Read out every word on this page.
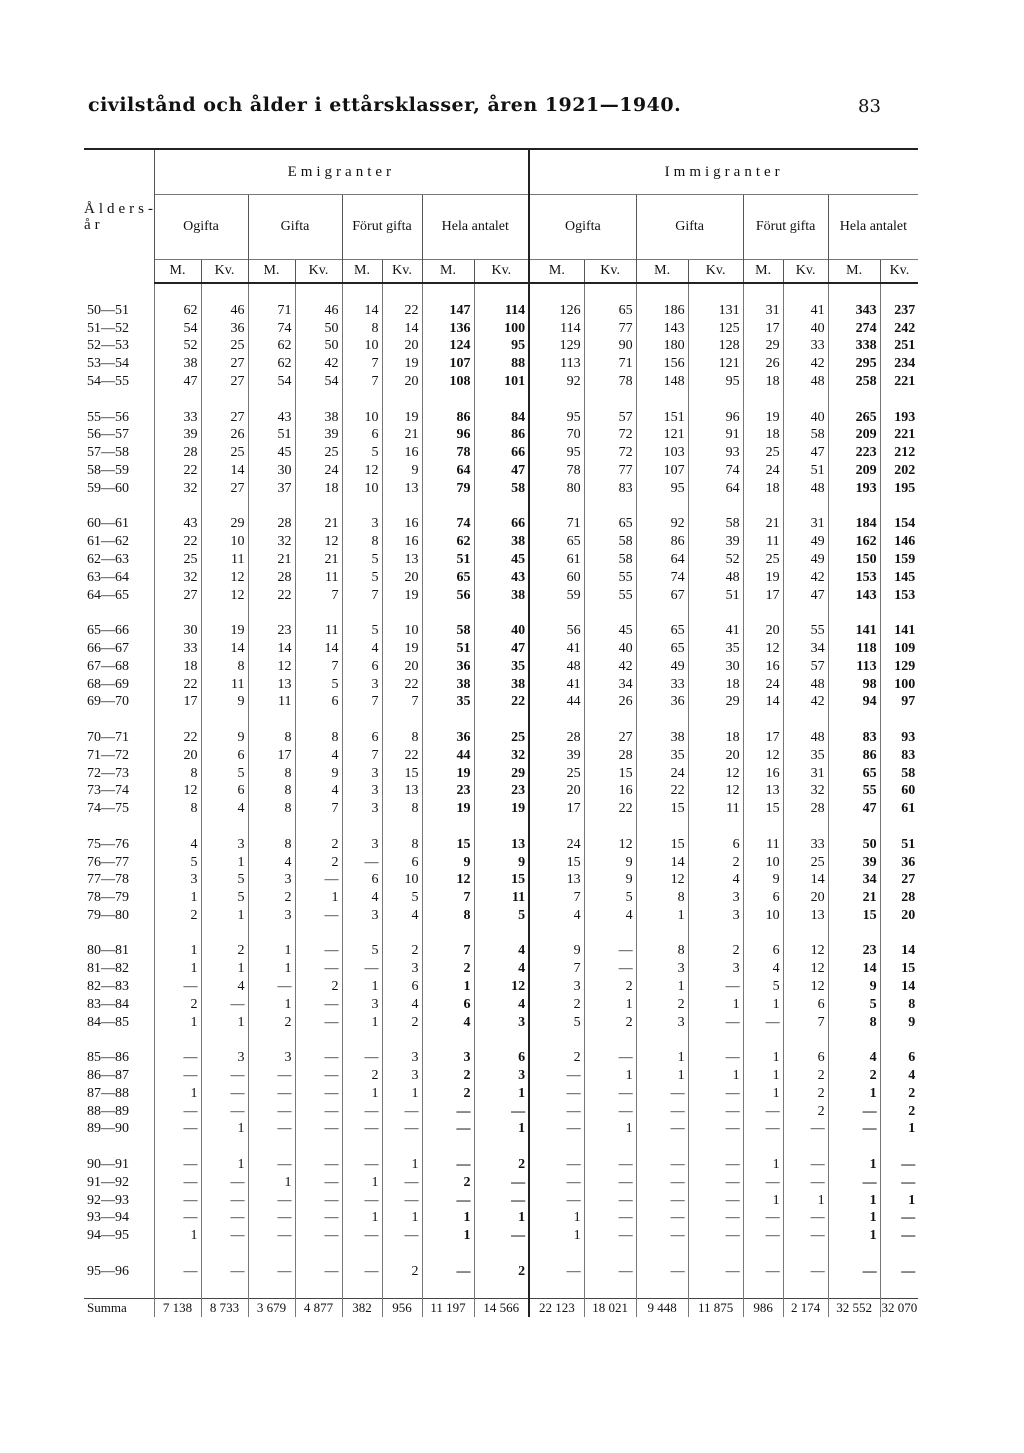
civilstånd och ålder i ettårsklasser, åren 1921—1940.	83
Ålders-
år	Emigranter								Immigranter							
	Ogifta		Gifta		Förut gifta		Hela antalet		Ogifta		Gifta		Förut gifta		Hela antalet	
	M.	Kv.	M.	Kv.	M.	Kv.	M.	Kv.	M.	Kv.	M.	Kv.	M.	Kv.	M.	Kv.

50—51	62	46	71	46	14	22	147	114	126	65	186	131	31	41	343	237
51—52	54	36	74	50	8	14	136	100	114	77	143	125	17	40	274	242
52—53	52	25	62	50	10	20	124	95	129	90	180	128	29	33	338	251
53—54	38	27	62	42	7	19	107	88	113	71	156	121	26	42	295	234
54—55	47	27	54	54	7	20	108	101	92	78	148	95	18	48	258	221

55—56	33	27	43	38	10	19	86	84	95	57	151	96	19	40	265	193
56—57	39	26	51	39	6	21	96	86	70	72	121	91	18	58	209	221
57—58	28	25	45	25	5	16	78	66	95	72	103	93	25	47	223	212
58—59	22	14	30	24	12	9	64	47	78	77	107	74	24	51	209	202
59—60	32	27	37	18	10	13	79	58	80	83	95	64	18	48	193	195

60—61	43	29	28	21	3	16	74	66	71	65	92	58	21	31	184	154
61—62	22	10	32	12	8	16	62	38	65	58	86	39	11	49	162	146
62—63	25	11	21	21	5	13	51	45	61	58	64	52	25	49	150	159
63—64	32	12	28	11	5	20	65	43	60	55	74	48	19	42	153	145
64—65	27	12	22	7	7	19	56	38	59	55	67	51	17	47	143	153

65—66	30	19	23	11	5	10	58	40	56	45	65	41	20	55	141	141
66—67	33	14	14	14	4	19	51	47	41	40	65	35	12	34	118	109
67—68	18	8	12	7	6	20	36	35	48	42	49	30	16	57	113	129
68—69	22	11	13	5	3	22	38	38	41	34	33	18	24	48	98	100
69—70	17	9	11	6	7	7	35	22	44	26	36	29	14	42	94	97

70—71	22	9	8	8	6	8	36	25	28	27	38	18	17	48	83	93
71—72	20	6	17	4	7	22	44	32	39	28	35	20	12	35	86	83
72—73	8	5	8	9	3	15	19	29	25	15	24	12	16	31	65	58
73—74	12	6	8	4	3	13	23	23	20	16	22	12	13	32	55	60
74—75	8	4	8	7	3	8	19	19	17	22	15	11	15	28	47	61

75—76	4	3	8	2	3	8	15	13	24	12	15	6	11	33	50	51
76—77	5	1	4	2	—	6	9	9	15	9	14	2	10	25	39	36
77—78	3	5	3	—	6	10	12	15	13	9	12	4	9	14	34	27
78—79	1	5	2	1	4	5	7	11	7	5	8	3	6	20	21	28
79—80	2	1	3	—	3	4	8	5	4	4	1	3	10	13	15	20

80—81	1	2	1	—	5	2	7	4	9	—	8	2	6	12	23	14
81—82	1	1	1	—	—	3	2	4	7	—	3	3	4	12	14	15
82—83	—	4	—	2	1	6	1	12	3	2	1	—	5	12	9	14
83—84	2	—	1	—	3	4	6	4	2	1	2	1	1	6	5	8
84—85	1	1	2	—	1	2	4	3	5	2	3	—	—	7	8	9

85—86	—	3	3	—	—	3	3	6	2	—	1	—	1	6	4	6
86—87	—	—	—	—	2	3	2	3	—	1	1	1	1	2	2	4
87—88	1	—	—	—	1	1	2	1	—	—	—	—	1	2	1	2
88—89	—	—	—	—	—	—	—	—	—	—	—	—	—	2	—	2
89—90	—	1	—	—	—	—	—	1	—	1	—	—	—	—	—	1

90—91	—	1	—	—	—	1	—	2	—	—	—	—	1	—	1	—
91—92	—	—	1	—	1	—	2	—	—	—	—	—	—	—	—	—
92—93	—	—	—	—	—	—	—	—	—	—	—	—	1	1	1	1
93—94	—	—	—	—	1	1	1	1	1	—	—	—	—	—	1	—
94—95	1	—	—	—	—	—	1	—	1	—	—	—	—	—	1	—

95—96	—	—	—	—	—	2	—	2	—	—	—	—	—	—	—	—

Summa	7 138	8 733	3 679	4 877	382	956	11 197	14 566	22 123	18 021	9 448	11 875	986	2 174	32 552	32 070
